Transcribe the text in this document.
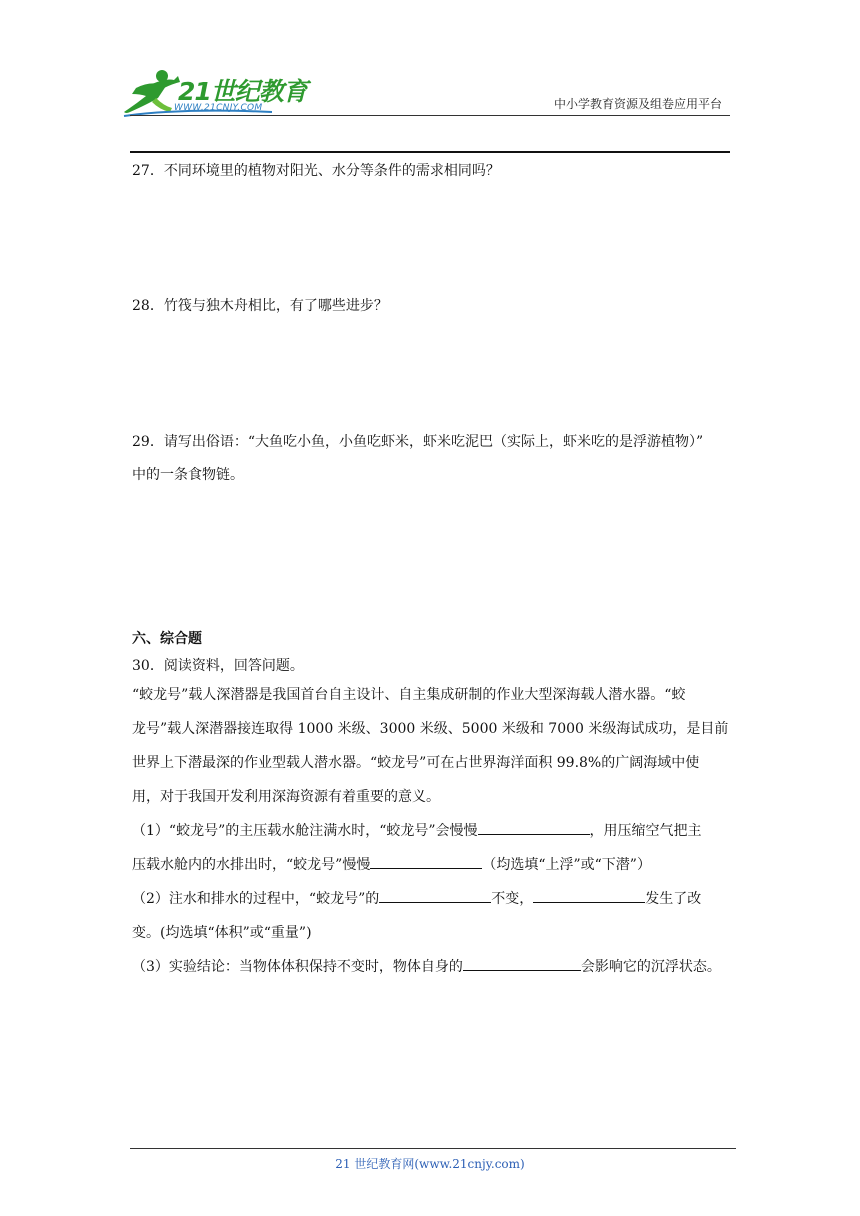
21世纪教育
WWW.21CNJY.COM	中小学教育资源及组卷应用平台
27．不同环境里的植物对阳光、水分等条件的需求相同吗？
28．竹筏与独木舟相比，有了哪些进步？
29．请写出俗语：“大鱼吃小鱼，小鱼吃虾米，虾米吃泥巴（实际上，虾米吃的是浮游植物）”
中的一条食物链。
六、综合题
30．阅读资料，回答问题。
“蛟龙号”载人深潜器是我国首台自主设计、自主集成研制的作业大型深海载人潜水器。“蛟
龙号”载人深潜器接连取得 1000 米级、3000 米级、5000 米级和 7000 米级海试成功，是目前
世界上下潜最深的作业型载人潜水器。“蛟龙号”可在占世界海洋面积 99.8%的广阔海域中使
用，对于我国开发利用深海资源有着重要的意义。
（1）“蛟龙号”的主压载水舱注满水时，“蛟龙号”会慢慢	，用压缩空气把主
压载水舱内的水排出时，“蛟龙号”慢慢	（均选填“上浮”或“下潜”）
（2）注水和排水的过程中，“蛟龙号”的	不变，	发生了改
变。(均选填“体积”或“重量”)
（3）实验结论：当物体体积保持不变时，物体自身的	会影响它的沉浮状态。
21 世纪教育网(www.21cnjy.com)
